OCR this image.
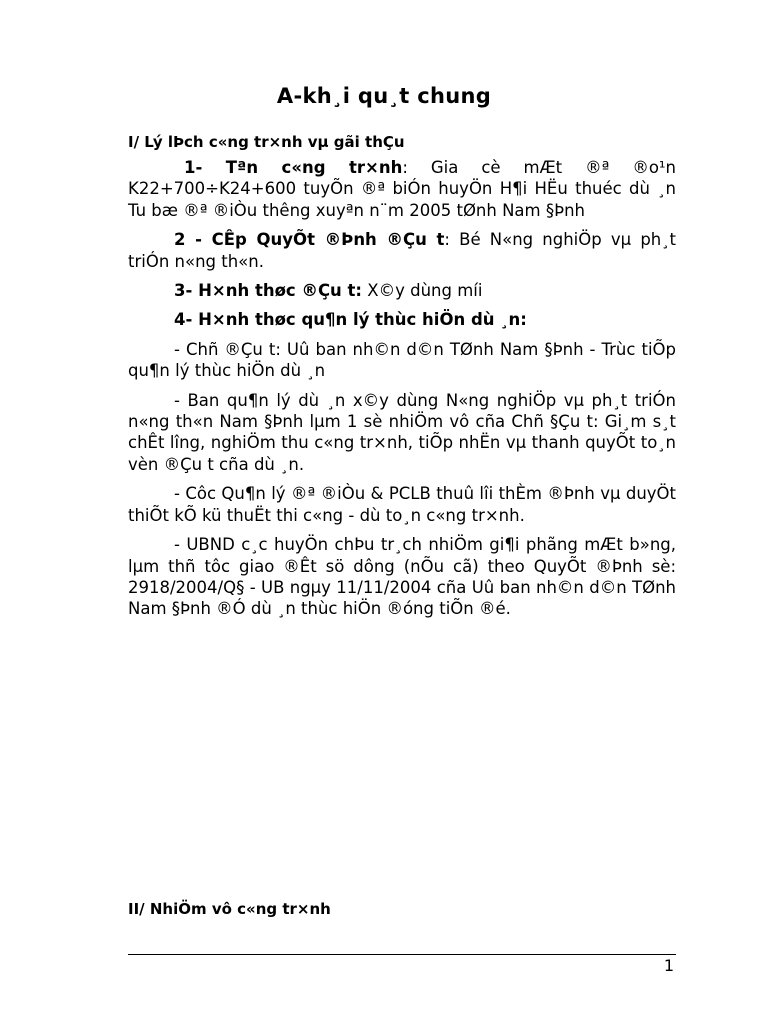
A-kh¸i qu¸t chung
I/ Lý lÞch c«ng tr×nh vµ gãi thÇu

1- Tªn c«ng tr×nh: Gia cè mÆt ®ª ®o¹n K22+700÷K24+600 tuyÕn ®ª biÓn huyÖn H¶i HËu thuéc dù ¸n Tu bæ ®ª ®iÒu thêng xuyªn n¨m 2005 tØnh Nam §Þnh

2 - CÊp QuyÕt ®Þnh ®Çu t: Bé N«ng nghiÖp vµ ph¸t triÓn n«ng th«n.

3- H×nh thøc ®Çu t: X©y dùng míi

4- H×nh thøc qu¶n lý thùc hiÖn dù ¸n:

- Chñ ®Çu t: Uû ban nh©n d©n TØnh Nam §Þnh - Trùc tiÕp qu¶n lý thùc hiÖn dù ¸n

- Ban qu¶n lý dù ¸n x©y dùng N«ng nghiÖp vµ ph¸t triÓn n«ng th«n Nam §Þnh lµm 1 sè nhiÖm vô cña Chñ §Çu t: Gi¸m s¸t chÊt lîng, nghiÖm thu c«ng tr×nh, tiÕp nhËn vµ thanh quyÕt to¸n vèn ®Çu t cña dù ¸n.

- Côc Qu¶n lý ®ª ®iÒu & PCLB thuû lîi thÈm ®Þnh vµ duyÖt thiÕt kÕ kü thuËt thi c«ng - dù to¸n c«ng tr×nh.

- UBND c¸c huyÖn chÞu tr¸ch nhiÖm gi¶i phãng mÆt b»ng, lµm thñ tôc giao ®Êt sö dông (nÕu cã) theo QuyÕt ®Þnh sè: 2918/2004/Q§ - UB ngµy 11/11/2004 cña Uû ban nh©n d©n TØnh Nam §Þnh ®Ó dù ¸n thùc hiÖn ®óng tiÕn ®é.

II/ NhiÖm vô c«ng tr×nh
1
